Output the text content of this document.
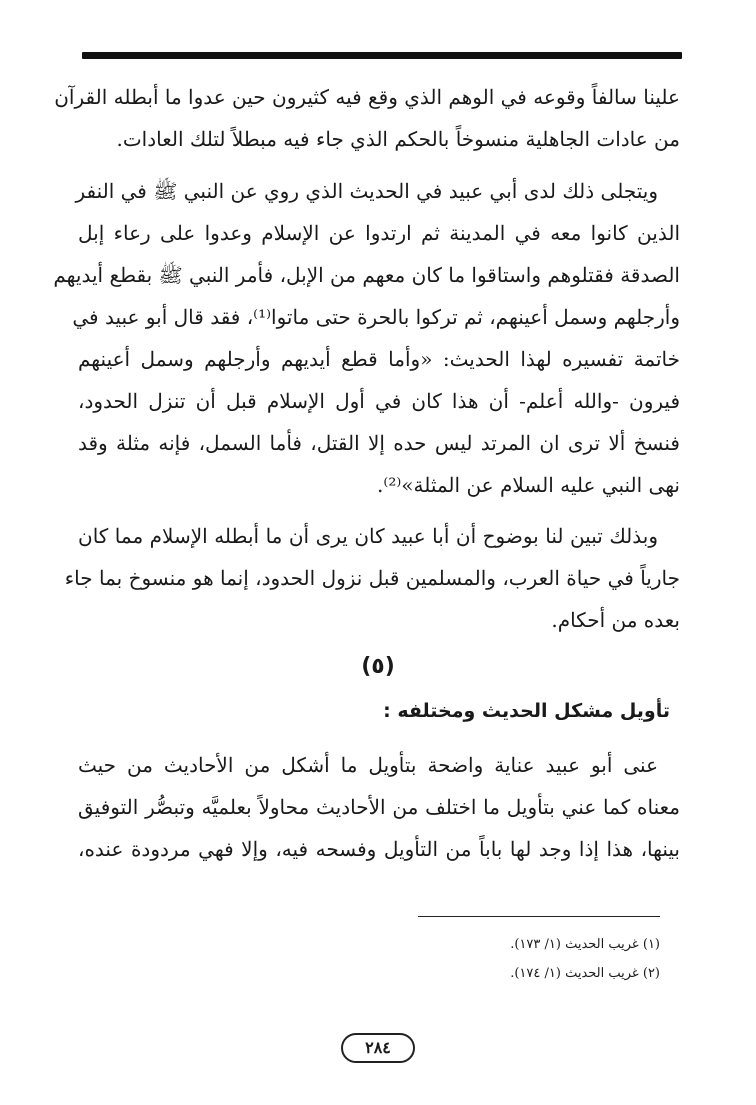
علينا سالفاً وقوعه في الوهم الذي وقع فيه كثيرون حين عدوا ما أبطله القرآن
من عادات الجاهلية منسوخاً بالحكم الذي جاء فيه مبطلاً لتلك العادات.
ويتجلى ذلك لدى أبي عبيد في الحديث الذي روي عن النبي ﷺ في النفر
الذين كانوا معه في المدينة ثم ارتدوا عن الإسلام وعدوا على رعاء إبل
الصدقة فقتلوهم واستاقوا ما كان معهم من الإبل، فأمر النبي ﷺ بقطع أيديهم
وأرجلهم وسمل أعينهم، ثم تركوا بالحرة حتى ماتوا⁽¹⁾، فقد قال أبو عبيد في
خاتمة تفسيره لهذا الحديث: «وأما قطع أيديهم وأرجلهم وسمل أعينهم
فيرون -والله أعلم- أن هذا كان في أول الإسلام قبل أن تنزل الحدود،
فنسخ ألا ترى ان المرتد ليس حده إلا القتل، فأما السمل، فإنه مثلة وقد
نهى النبي عليه السلام عن المثلة»⁽²⁾.
وبذلك تبين لنا بوضوح أن أبا عبيد كان يرى أن ما أبطله الإسلام مما كان
جارياً في حياة العرب، والمسلمين قبل نزول الحدود، إنما هو منسوخ بما جاء
بعده من أحكام.
(٥)
تأويل مشكل الحديث ومختلفه :
عنى أبو عبيد عناية واضحة بتأويل ما أشكل من الأحاديث من حيث
معناه كما عني بتأويل ما اختلف من الأحاديث محاولاً بعلميَّه وتبصُّر التوفيق
بينها، هذا إذا وجد لها باباً من التأويل وفسحه فيه، وإلا فهي مردودة عنده،
(١) غريب الحديث (١/ ١٧٣).
(٢) غريب الحديث (١/ ١٧٤).
٢٨٤
